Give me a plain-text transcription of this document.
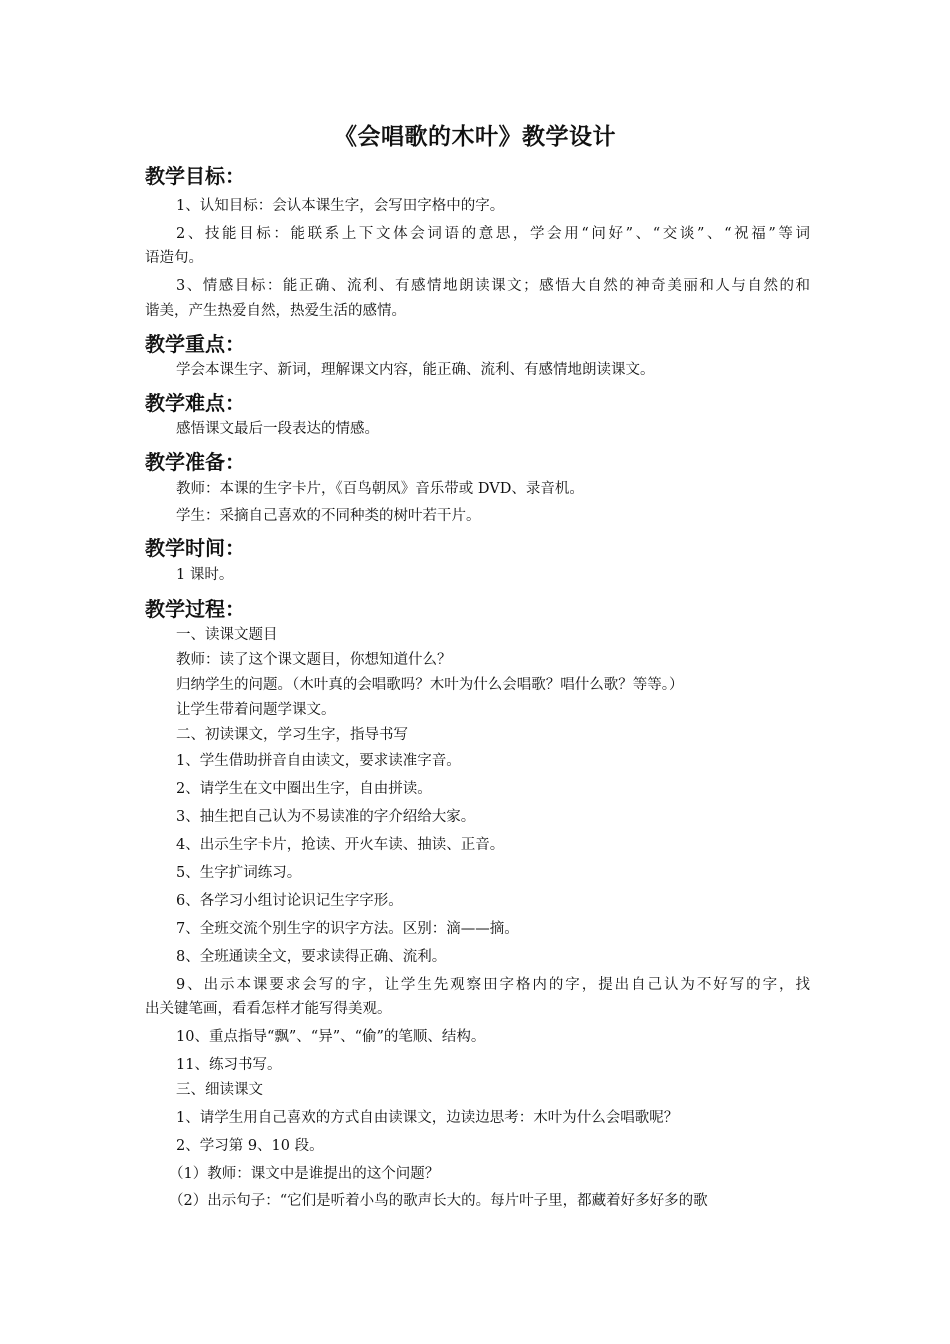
《会唱歌的木叶》教学设计
教学目标：
1、认知目标：会认本课生字，会写田字格中的字。
2、技能目标：能联系上下文体会词语的意思，学会用“问好”、“交谈”、“祝福”等词
语造句。
3、情感目标：能正确、流利、有感情地朗读课文；感悟大自然的神奇美丽和人与自然的和
谐美，产生热爱自然，热爱生活的感情。
教学重点：
学会本课生字、新词，理解课文内容，能正确、流利、有感情地朗读课文。
教学难点：
感悟课文最后一段表达的情感。
教学准备：
教师：本课的生字卡片，《百鸟朝凤》音乐带或 DVD、录音机。
学生：采摘自己喜欢的不同种类的树叶若干片。
教学时间：
1 课时。
教学过程：
一、读课文题目
教师：读了这个课文题目，你想知道什么？
归纳学生的问题。（木叶真的会唱歌吗？木叶为什么会唱歌？唱什么歌？等等。）
让学生带着问题学课文。
二、初读课文，学习生字，指导书写
1、学生借助拼音自由读文，要求读准字音。
2、请学生在文中圈出生字，自由拼读。
3、抽生把自己认为不易读准的字介绍给大家。
4、出示生字卡片，抢读、开火车读、抽读、正音。
5、生字扩词练习。
6、各学习小组讨论识记生字字形。
7、全班交流个别生字的识字方法。区别：滴——摘。
8、全班通读全文，要求读得正确、流利。
9、出示本课要求会写的字，让学生先观察田字格内的字，提出自己认为不好写的字，找
出关键笔画，看看怎样才能写得美观。
10、重点指导“飘”、“异”、“偷”的笔顺、结构。
11、练习书写。
三、细读课文
1、请学生用自己喜欢的方式自由读课文，边读边思考：木叶为什么会唱歌呢？
2、学习第 9、10 段。
（1）教师：课文中是谁提出的这个问题？
（2）出示句子：“它们是听着小鸟的歌声长大的。每片叶子里，都藏着好多好多的歌
